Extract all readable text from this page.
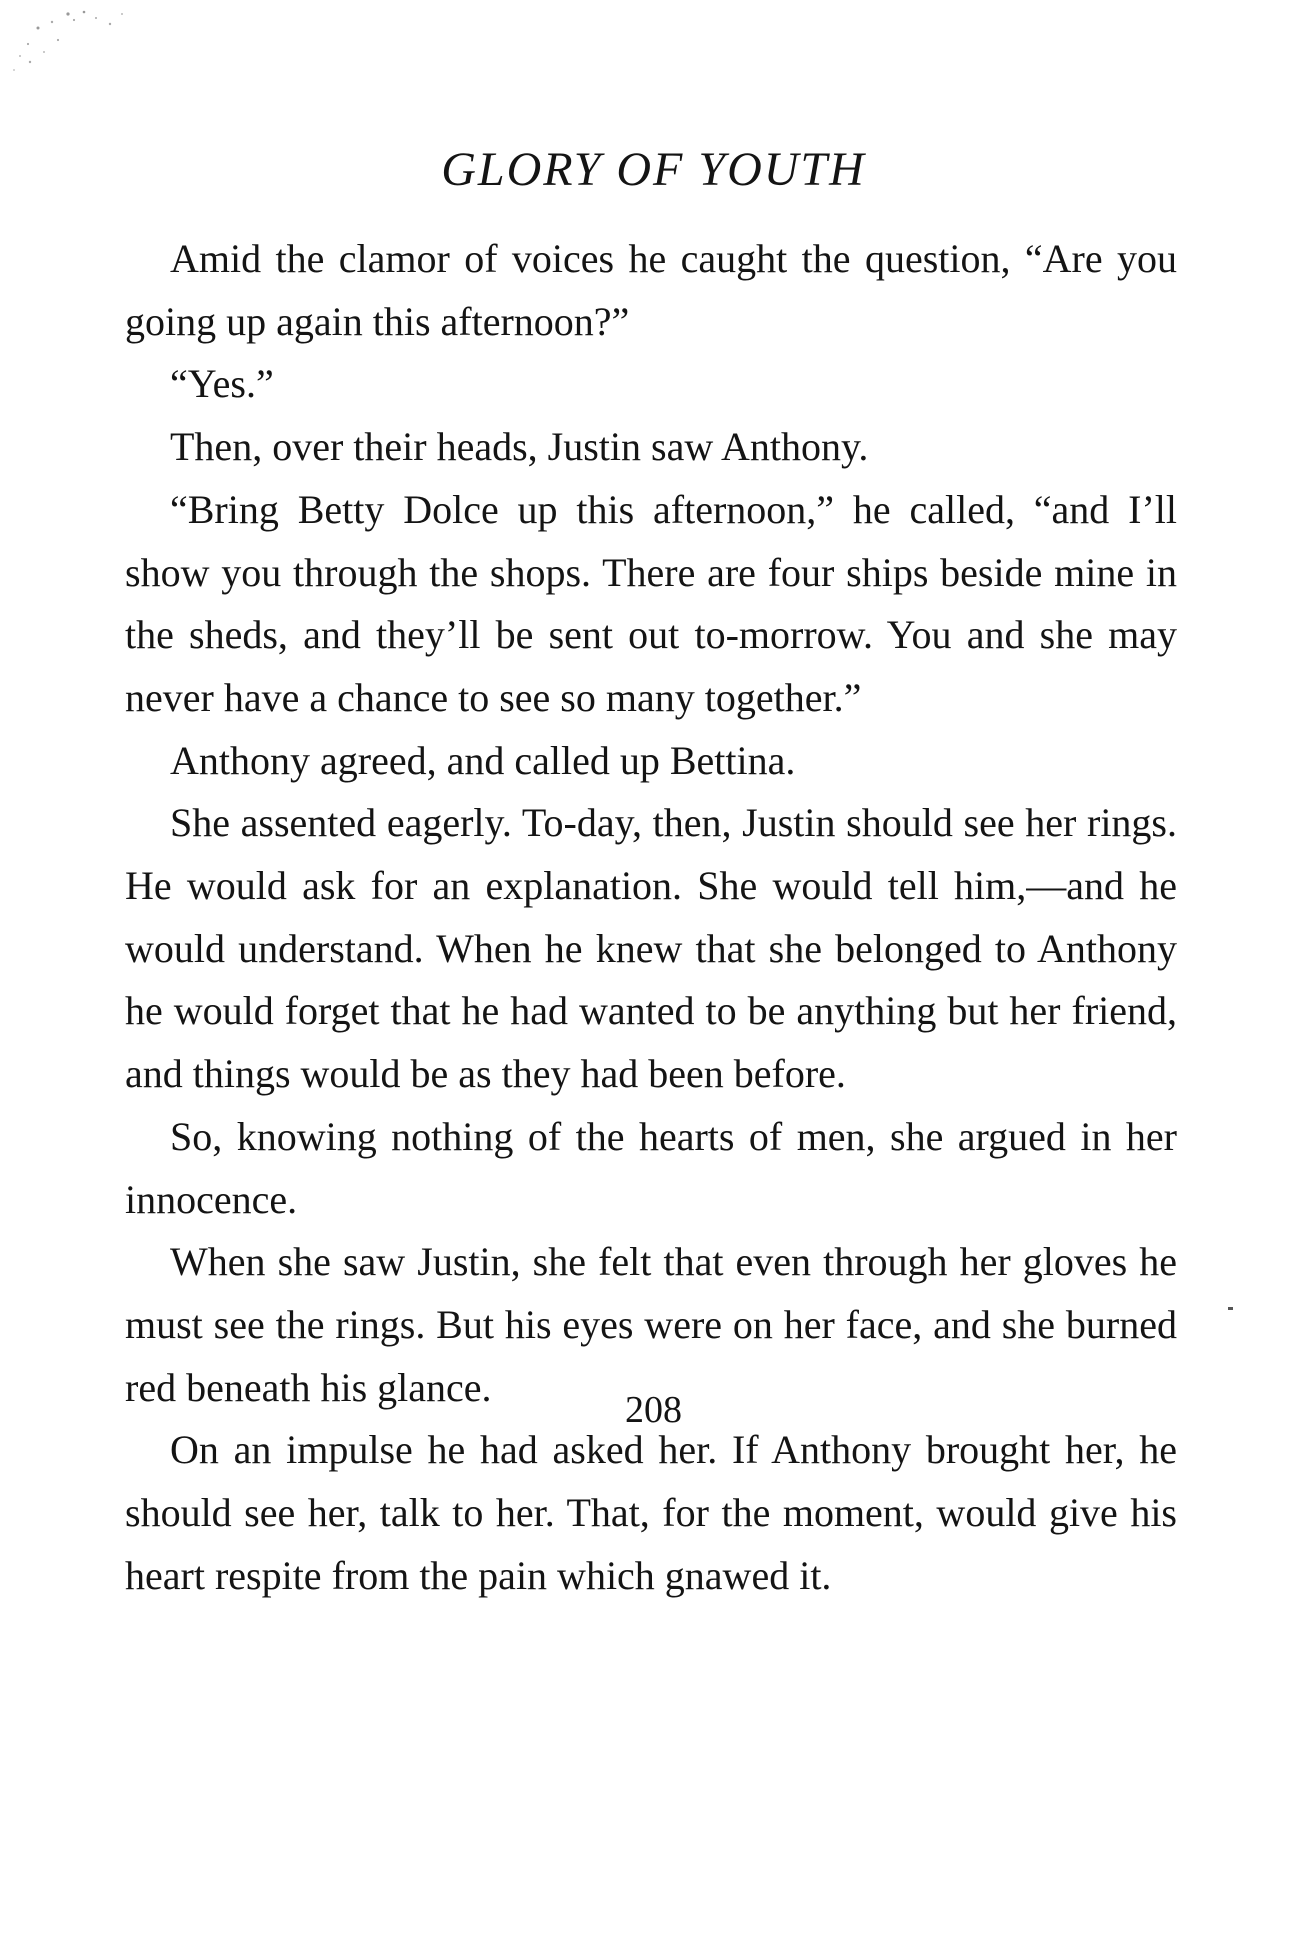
GLORY OF YOUTH

Amid the clamor of voices he caught the question, “Are you going up again this afternoon?”

“Yes.”

Then, over their heads, Justin saw Anthony.

“Bring Betty Dolce up this afternoon,” he called, “and I’ll show you through the shops. There are four ships beside mine in the sheds, and they’ll be sent out to-morrow. You and she may never have a chance to see so many together.”

Anthony agreed, and called up Bettina.

She assented eagerly. To-day, then, Justin should see her rings. He would ask for an explanation. She would tell him,—and he would understand. When he knew that she belonged to Anthony he would forget that he had wanted to be anything but her friend, and things would be as they had been before.

So, knowing nothing of the hearts of men, she argued in her innocence.

When she saw Justin, she felt that even through her gloves he must see the rings. But his eyes were on her face, and she burned red beneath his glance.

On an impulse he had asked her. If Anthony brought her, he should see her, talk to her. That, for the moment, would give his heart respite from the pain which gnawed it.

208
